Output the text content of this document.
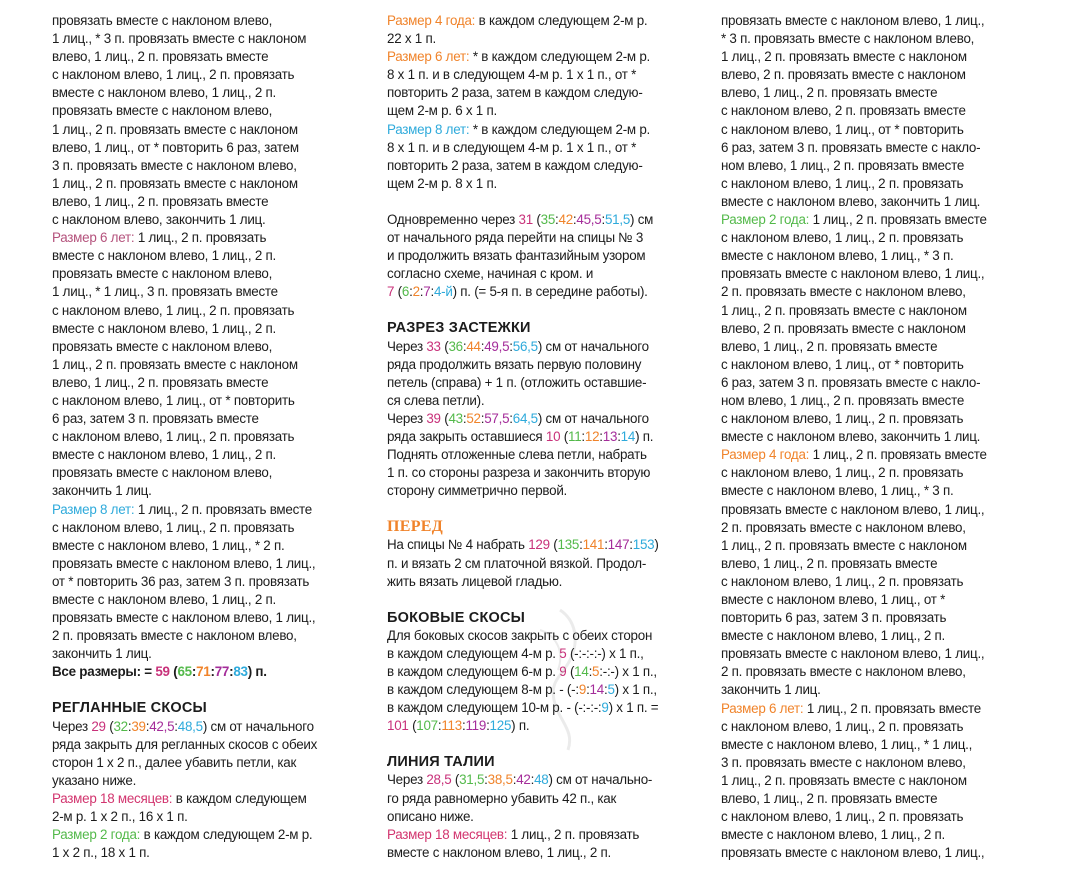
провязать вместе с наклоном влево,
1 лиц., * 3 п. провязать вместе с наклоном
влево, 1 лиц., 2 п. провязать вместе
с наклоном влево, 1 лиц., 2 п. провязать
вместе с наклоном влево, 1 лиц., 2 п.
провязать вместе с наклоном влево,
1 лиц., 2 п. провязать вместе с наклоном
влево, 1 лиц., от * повторить 6 раз, затем
3 п. провязать вместе с наклоном влево,
1 лиц., 2 п. провязать вместе с наклоном
влево, 1 лиц., 2 п. провязать вместе
с наклоном влево, закончить 1 лиц.
Размер 6 лет: 1 лиц., 2 п. провязать
вместе с наклоном влево, 1 лиц., 2 п.
провязать вместе с наклоном влево,
1 лиц., * 1 лиц., 3 п. провязать вместе
с наклоном влево, 1 лиц., 2 п. провязать
вместе с наклоном влево, 1 лиц., 2 п.
провязать вместе с наклоном влево,
1 лиц., 2 п. провязать вместе с наклоном
влево, 1 лиц., 2 п. провязать вместе
с наклоном влево, 1 лиц., от * повторить
6 раз, затем 3 п. провязать вместе
с наклоном влево, 1 лиц., 2 п. провязать
вместе с наклоном влево, 1 лиц., 2 п.
провязать вместе с наклоном влево,
закончить 1 лиц.
Размер 8 лет: 1 лиц., 2 п. провязать вместе
с наклоном влево, 1 лиц., 2 п. провязать
вместе с наклоном влево, 1 лиц., * 2 п.
провязать вместе с наклоном влево, 1 лиц.,
от * повторить 36 раз, затем 3 п. провязать
вместе с наклоном влево, 1 лиц., 2 п.
провязать вместе с наклоном влево, 1 лиц.,
2 п. провязать вместе с наклоном влево,
закончить 1 лиц.
Все размеры: = 59 (65:71:77:83) п.
РЕГЛАННЫЕ СКОСЫ
Через 29 (32:39:42,5:48,5) см от начального
ряда закрыть для регланных скосов с обеих
сторон 1 х 2 п., далее убавить петли, как
указано ниже.
Размер 18 месяцев: в каждом следующем
2-м р. 1 х 2 п., 16 х 1 п.
Размер 2 года: в каждом следующем 2-м р.
1 х 2 п., 18 х 1 п.
Размер 4 года: в каждом следующем 2-м р.
22 х 1 п.
Размер 6 лет: * в каждом следующем 2-м р.
8 х 1 п. и в следующем 4-м р. 1 х 1 п., от *
повторить 2 раза, затем в каждом следую-
щем 2-м р. 6 х 1 п.
Размер 8 лет: * в каждом следующем 2-м р.
8 х 1 п. и в следующем 4-м р. 1 х 1 п., от *
повторить 2 раза, затем в каждом следую-
щем 2-м р. 8 х 1 п.
Одновременно через 31 (35:42:45,5:51,5) см
от начального ряда перейти на спицы № 3
и продолжить вязать фантазийным узором
согласно схеме, начиная с кром. и
7 (6:2:7:4-й) п. (= 5-я п. в середине работы).
РАЗРЕЗ ЗАСТЕЖКИ
Через 33 (36:44:49,5:56,5) см от начального
ряда продолжить вязать первую половину
петель (справа) + 1 п. (отложить оставшие-
ся слева петли).
Через 39 (43:52:57,5:64,5) см от начального
ряда закрыть оставшиеся 10 (11:12:13:14) п.
Поднять отложенные слева петли, набрать
1 п. со стороны разреза и закончить вторую
сторону симметрично первой.
ПЕРЕД
На спицы № 4 набрать 129 (135:141:147:153)
п. и вязать 2 см платочной вязкой. Продол-
жить вязать лицевой гладью.
БОКОВЫЕ СКОСЫ
Для боковых скосов закрыть с обеих сторон
в каждом следующем 4-м р. 5 (-:-:-:-) х 1 п.,
в каждом следующем 6-м р. 9 (14:5:-:-) х 1 п.,
в каждом следующем 8-м р. - (-:9:14:5) х 1 п.,
в каждом следующем 10-м р. - (-:-:-:9) х 1 п. =
101 (107:113:119:125) п.
ЛИНИЯ ТАЛИИ
Через 28,5 (31,5:38,5:42:48) см от начально-
го ряда равномерно убавить 42 п., как
описано ниже.
Размер 18 месяцев: 1 лиц., 2 п. провязать
вместе с наклоном влево, 1 лиц., 2 п.
провязать вместе с наклоном влево, 1 лиц.,
* 3 п. провязать вместе с наклоном влево,
1 лиц., 2 п. провязать вместе с наклоном
влево, 2 п. провязать вместе с наклоном
влево, 1 лиц., 2 п. провязать вместе
с наклоном влево, 2 п. провязать вместе
с наклоном влево, 1 лиц., от * повторить
6 раз, затем 3 п. провязать вместе с накло-
ном влево, 1 лиц., 2 п. провязать вместе
с наклоном влево, 1 лиц., 2 п. провязать
вместе с наклоном влево, закончить 1 лиц.
Размер 2 года: 1 лиц., 2 п. провязать вместе
с наклоном влево, 1 лиц., 2 п. провязать
вместе с наклоном влево, 1 лиц., * 3 п.
провязать вместе с наклоном влево, 1 лиц.,
2 п. провязать вместе с наклоном влево,
1 лиц., 2 п. провязать вместе с наклоном
влево, 2 п. провязать вместе с наклоном
влево, 1 лиц., 2 п. провязать вместе
с наклоном влево, 1 лиц., от * повторить
6 раз, затем 3 п. провязать вместе с накло-
ном влево, 1 лиц., 2 п. провязать вместе
с наклоном влево, 1 лиц., 2 п. провязать
вместе с наклоном влево, закончить 1 лиц.
Размер 4 года: 1 лиц., 2 п. провязать вместе
с наклоном влево, 1 лиц., 2 п. провязать
вместе с наклоном влево, 1 лиц., * 3 п.
провязать вместе с наклоном влево, 1 лиц.,
2 п. провязать вместе с наклоном влево,
1 лиц., 2 п. провязать вместе с наклоном
влево, 1 лиц., 2 п. провязать вместе
с наклоном влево, 1 лиц., 2 п. провязать
вместе с наклоном влево, 1 лиц., от *
повторить 6 раз, затем 3 п. провязать
вместе с наклоном влево, 1 лиц., 2 п.
провязать вместе с наклоном влево, 1 лиц.,
2 п. провязать вместе с наклоном влево,
закончить 1 лиц.
Размер 6 лет: 1 лиц., 2 п. провязать вместе
с наклоном влево, 1 лиц., 2 п. провязать
вместе с наклоном влево, 1 лиц., * 1 лиц.,
3 п. провязать вместе с наклоном влево,
1 лиц., 2 п. провязать вместе с наклоном
влево, 1 лиц., 2 п. провязать вместе
с наклоном влево, 1 лиц., 2 п. провязать
вместе с наклоном влево, 1 лиц., 2 п.
провязать вместе с наклоном влево, 1 лиц.,
